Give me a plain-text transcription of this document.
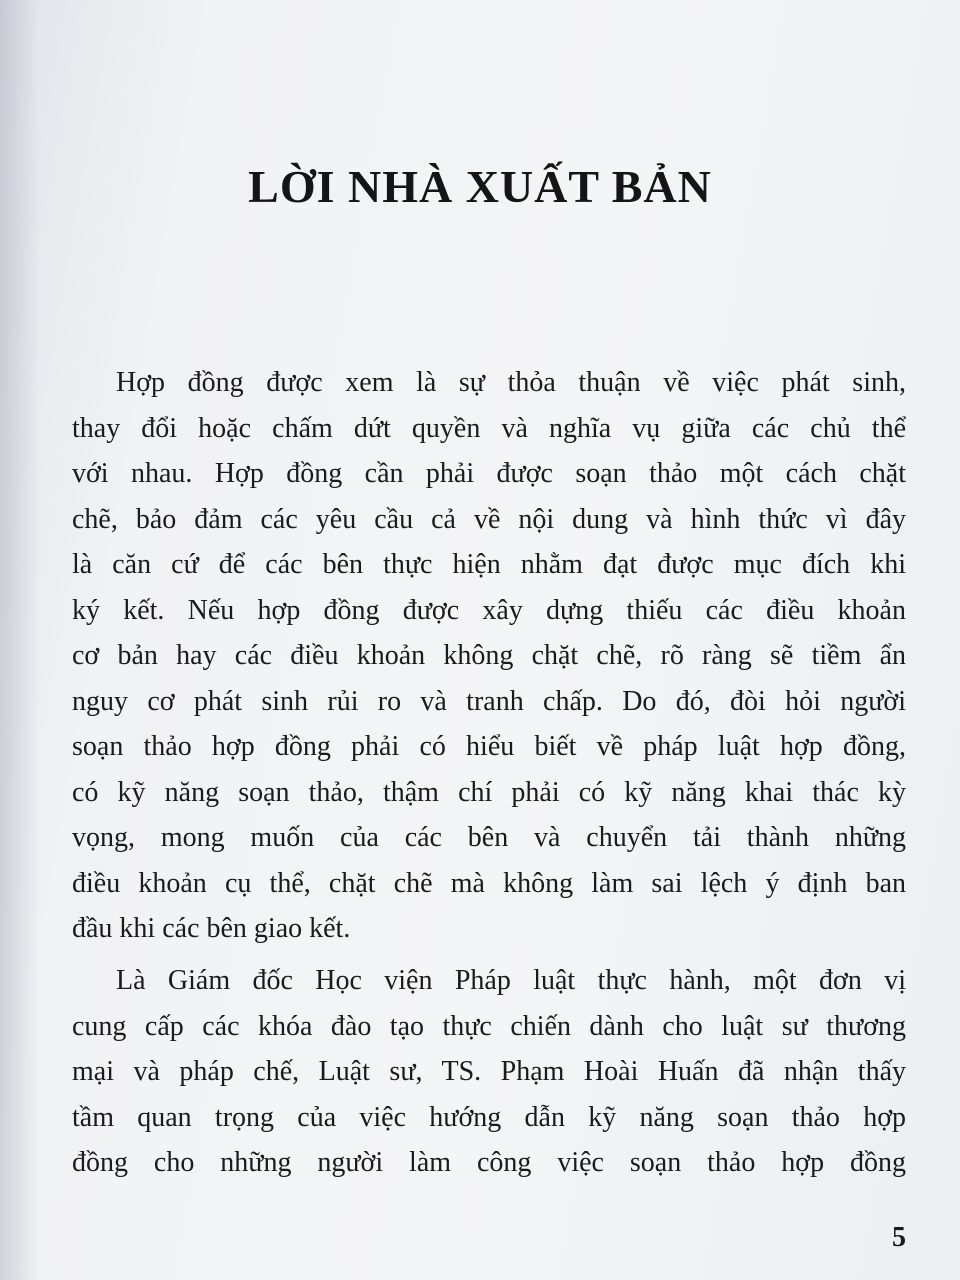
LỜI NHÀ XUẤT BẢN
Hợp đồng được xem là sự thỏa thuận về việc phát sinh,
thay đổi hoặc chấm dứt quyền và nghĩa vụ giữa các chủ thể
với nhau. Hợp đồng cần phải được soạn thảo một cách chặt
chẽ, bảo đảm các yêu cầu cả về nội dung và hình thức vì đây
là căn cứ để các bên thực hiện nhằm đạt được mục đích khi
ký kết. Nếu hợp đồng được xây dựng thiếu các điều khoản
cơ bản hay các điều khoản không chặt chẽ, rõ ràng sẽ tiềm ẩn
nguy cơ phát sinh rủi ro và tranh chấp. Do đó, đòi hỏi người
soạn thảo hợp đồng phải có hiểu biết về pháp luật hợp đồng,
có kỹ năng soạn thảo, thậm chí phải có kỹ năng khai thác kỳ
vọng, mong muốn của các bên và chuyển tải thành những
điều khoản cụ thể, chặt chẽ mà không làm sai lệch ý định ban
đầu khi các bên giao kết.
Là Giám đốc Học viện Pháp luật thực hành, một đơn vị
cung cấp các khóa đào tạo thực chiến dành cho luật sư thương
mại và pháp chế, Luật sư, TS. Phạm Hoài Huấn đã nhận thấy
tầm quan trọng của việc hướng dẫn kỹ năng soạn thảo hợp
đồng cho những người làm công việc soạn thảo hợp đồng
5
